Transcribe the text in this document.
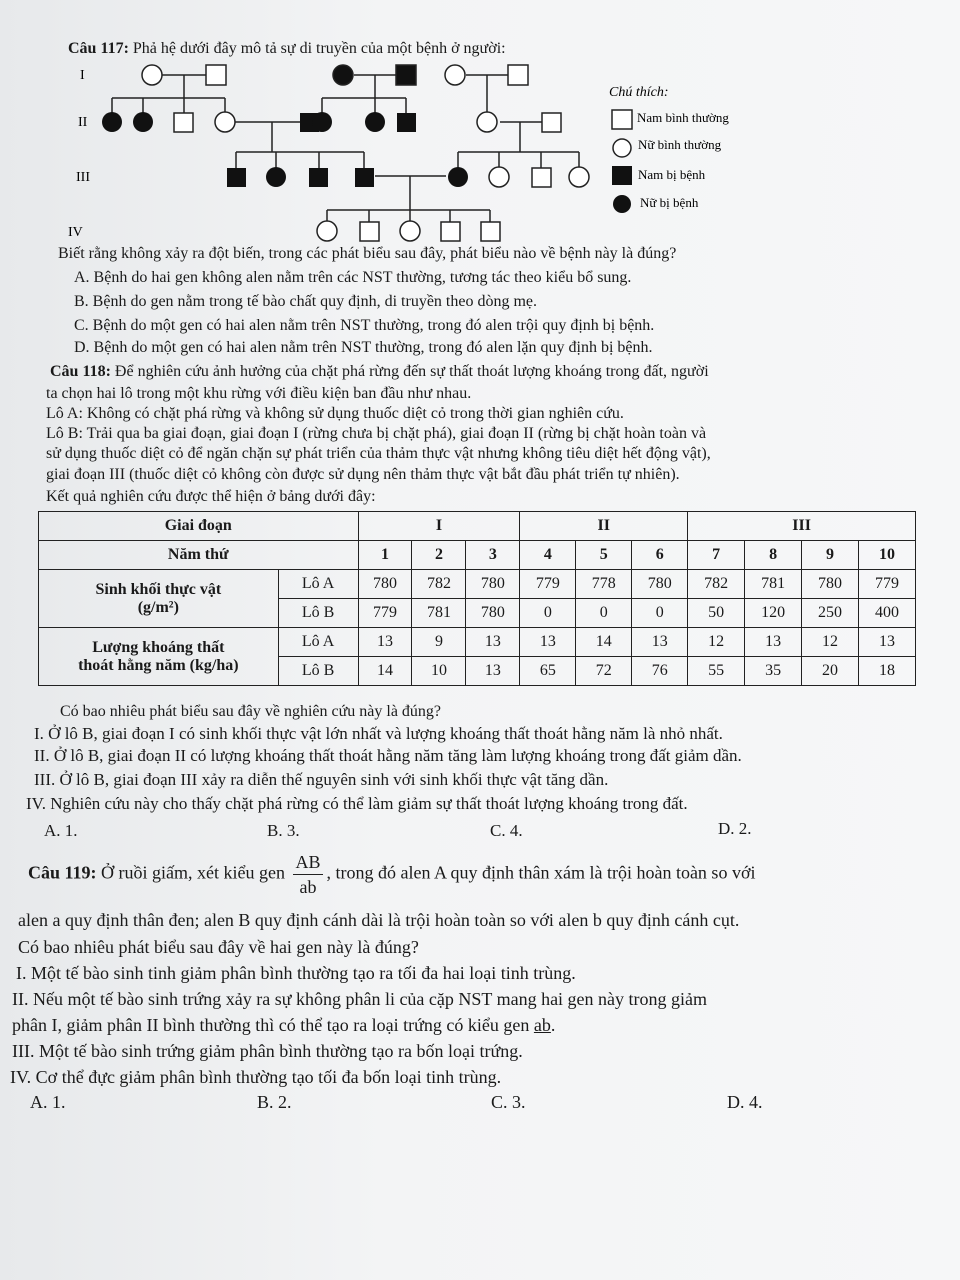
Câu 117: Phả hệ dưới đây mô tả sự di truyền của một bệnh ở người:
I
II
III
IV
Chú thích:
Nam bình thường
Nữ bình thường
Nam bị bệnh
Nữ bị bệnh
Biết rằng không xảy ra đột biến, trong các phát biểu sau đây, phát biểu nào về bệnh này là đúng?
A. Bệnh do hai gen không alen nằm trên các NST thường, tương tác theo kiểu bổ sung.
B. Bệnh do gen nằm trong tế bào chất quy định, di truyền theo dòng mẹ.
C. Bệnh do một gen có hai alen nằm trên NST thường, trong đó alen trội quy định bị bệnh.
D. Bệnh do một gen có hai alen nằm trên NST thường, trong đó alen lặn quy định bị bệnh.
Câu 118: Để nghiên cứu ảnh hưởng của chặt phá rừng đến sự thất thoát lượng khoáng trong đất, người
ta chọn hai lô trong một khu rừng với điều kiện ban đầu như nhau.
Lô A: Không có chặt phá rừng và không sử dụng thuốc diệt cỏ trong thời gian nghiên cứu.
Lô B: Trải qua ba giai đoạn, giai đoạn I (rừng chưa bị chặt phá), giai đoạn II (rừng bị chặt hoàn toàn và
sử dụng thuốc diệt cỏ để ngăn chặn sự phát triển của thảm thực vật nhưng không tiêu diệt hết động vật),
giai đoạn III (thuốc diệt cỏ không còn được sử dụng nên thảm thực vật bắt đầu phát triển tự nhiên).
Kết quả nghiên cứu được thể hiện ở bảng dưới đây:
Giai đoạn		I			II			III			
Năm thứ		1	2	3	4	5	6	7	8	9	10

Sinh khối thực vật
(g/m²)	Lô A	780	782	780	779	778	780	782	781	780	779
	Lô B	779	781	780	0	0	0	50	120	250	400

Lượng khoáng thất
thoát hằng năm (kg/ha)	Lô A	13	9	13	13	14	13	12	13	12	13
	Lô B	14	10	13	65	72	76	55	35	20	18
Có bao nhiêu phát biểu sau đây về nghiên cứu này là đúng?
I. Ở lô B, giai đoạn I có sinh khối thực vật lớn nhất và lượng khoáng thất thoát hằng năm là nhỏ nhất.
II. Ở lô B, giai đoạn II có lượng khoáng thất thoát hằng năm tăng làm lượng khoáng trong đất giảm dần.
III. Ở lô B, giai đoạn III xảy ra diễn thế nguyên sinh với sinh khối thực vật tăng dần.
IV. Nghiên cứu này cho thấy chặt phá rừng có thể làm giảm sự thất thoát lượng khoáng trong đất.
A. 1.	B. 3.	C. 4.	D. 2.
Câu 119: Ở ruồi giấm, xét kiểu gen $\frac{AB}{ab}$ , trong đó alen A quy định thân xám là trội hoàn toàn so với
alen a quy định thân đen; alen B quy định cánh dài là trội hoàn toàn so với alen b quy định cánh cụt.
Có bao nhiêu phát biểu sau đây về hai gen này là đúng?
I. Một tế bào sinh tinh giảm phân bình thường tạo ra tối đa hai loại tinh trùng.
II. Nếu một tế bào sinh trứng xảy ra sự không phân li của cặp NST mang hai gen này trong giảm
phân I, giảm phân II bình thường thì có thể tạo ra loại trứng có kiểu gen ab.
III. Một tế bào sinh trứng giảm phân bình thường tạo ra bốn loại trứng.
IV. Cơ thể đực giảm phân bình thường tạo tối đa bốn loại tinh trùng.
A. 1.	B. 2.	C. 3.	D. 4.
